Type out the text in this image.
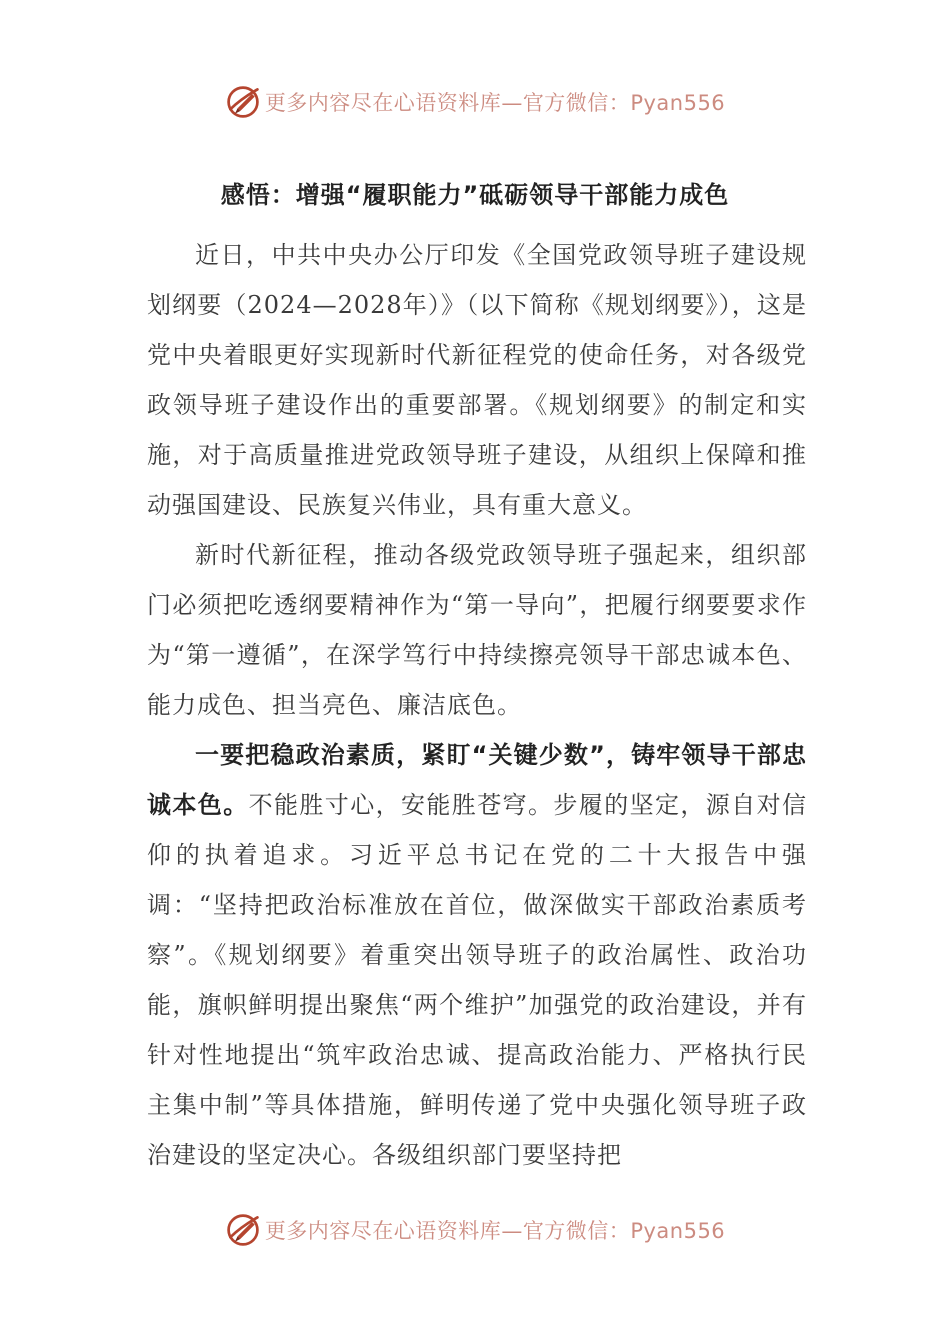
更多内容尽在心语资料库—官方微信：Pyan556
感悟：增强“履职能力”砥砺领导干部能力成色

近日，中共中央办公厅印发《全国党政领导班子建设规划纲要（2024—2028年）》（以下简称《规划纲要》），这是党中央着眼更好实现新时代新征程党的使命任务，对各级党政领导班子建设作出的重要部署。《规划纲要》的制定和实施，对于高质量推进党政领导班子建设，从组织上保障和推动强国建设、民族复兴伟业，具有重大意义。

新时代新征程，推动各级党政领导班子强起来，组织部门必须把吃透纲要精神作为“第一导向”，把履行纲要要求作为“第一遵循”，在深学笃行中持续擦亮领导干部忠诚本色、能力成色、担当亮色、廉洁底色。

一要把稳政治素质，紧盯“关键少数”，铸牢领导干部忠诚本色。不能胜寸心，安能胜苍穹。步履的坚定，源自对信仰的执着追求。习近平总书记在党的二十大报告中强调：“坚持把政治标准放在首位，做深做实干部政治素质考察”。《规划纲要》着重突出领导班子的政治属性、政治功能，旗帜鲜明提出聚焦“两个维护”加强党的政治建设，并有针对性地提出“筑牢政治忠诚、提高政治能力、严格执行民主集中制”等具体措施，鲜明传递了党中央强化领导班子政治建设的坚定决心。各级组织部门要坚持把

更多内容尽在心语资料库—官方微信：Pyan556
